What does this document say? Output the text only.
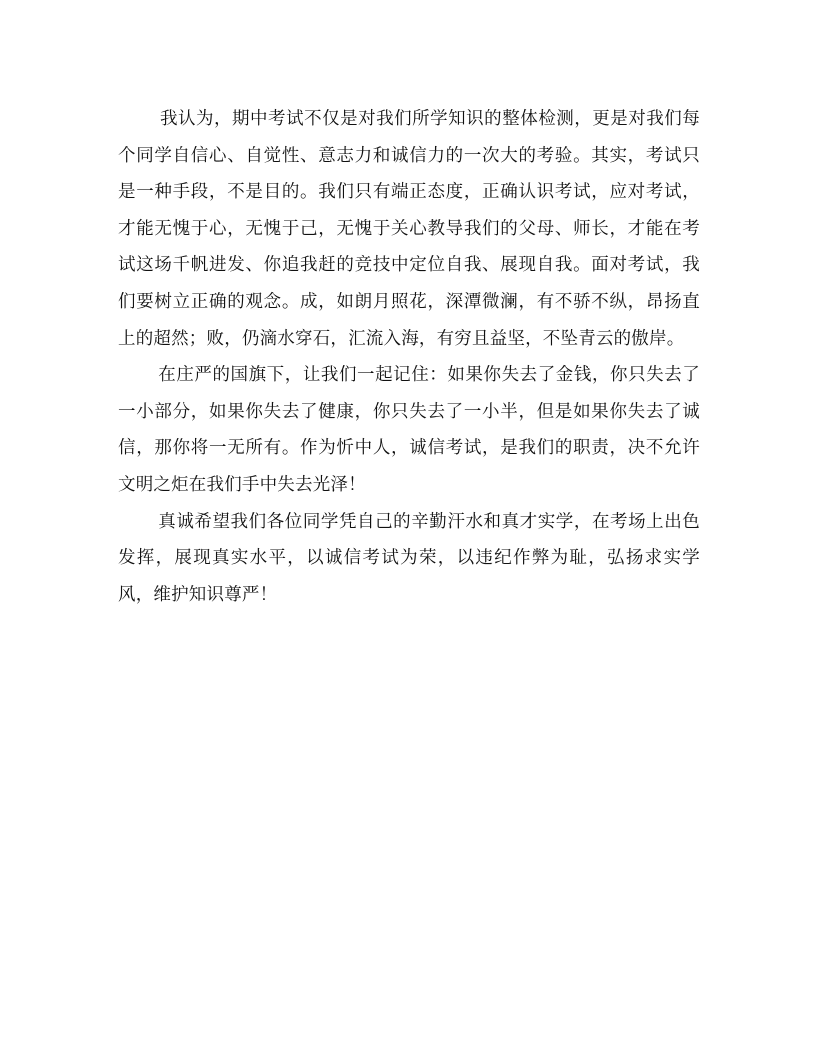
我认为，期中考试不仅是对我们所学知识的整体检测，更是对我们每个同学自信心、自觉性、意志力和诚信力的一次大的考验。其实，考试只是一种手段，不是目的。我们只有端正态度，正确认识考试，应对考试，才能无愧于心，无愧于己，无愧于关心教导我们的父母、师长，才能在考试这场千帆进发、你追我赶的竞技中定位自我、展现自我。面对考试，我们要树立正确的观念。成，如朗月照花，深潭微澜，有不骄不纵，昂扬直上的超然；败，仍滴水穿石，汇流入海，有穷且益坚，不坠青云的傲岸。

在庄严的国旗下，让我们一起记住：如果你失去了金钱，你只失去了一小部分，如果你失去了健康，你只失去了一小半，但是如果你失去了诚信，那你将一无所有。作为忻中人，诚信考试，是我们的职责，决不允许文明之炬在我们手中失去光泽！

真诚希望我们各位同学凭自己的辛勤汗水和真才实学，在考场上出色发挥，展现真实水平，以诚信考试为荣，以违纪作弊为耻，弘扬求实学风，维护知识尊严！
